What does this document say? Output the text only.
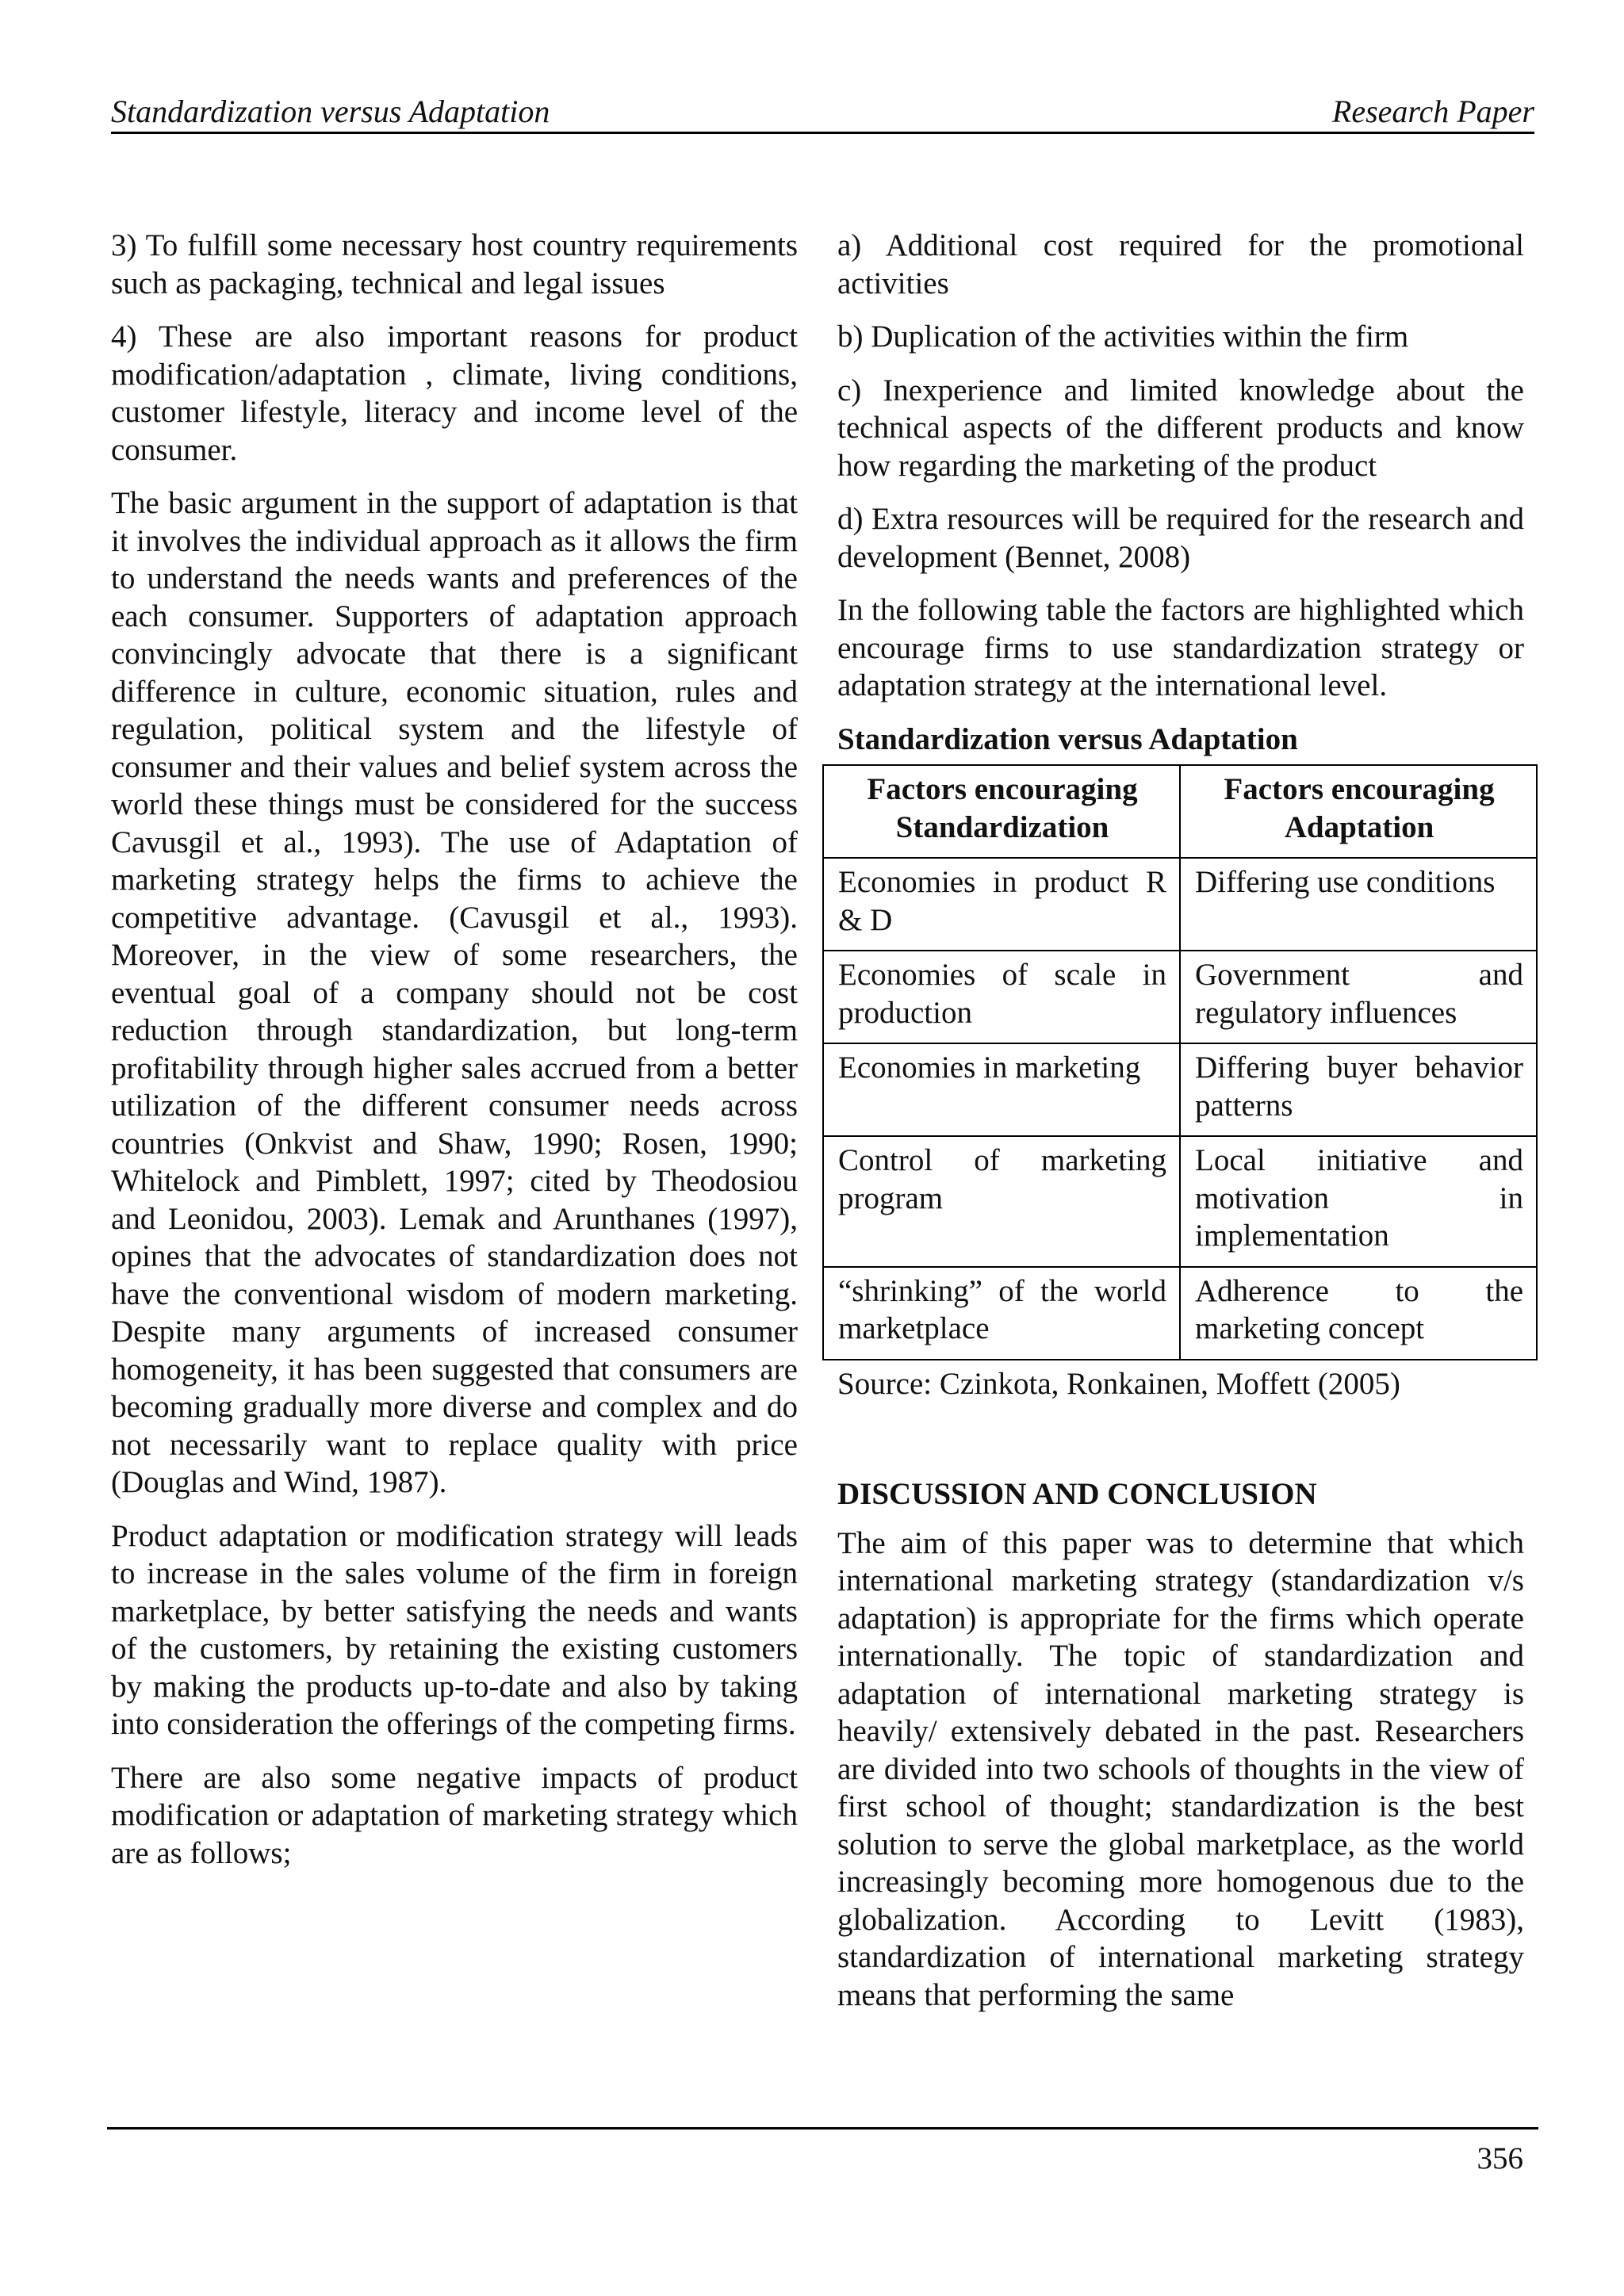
Standardization versus Adaptation	Research Paper

3) To fulfill some necessary host country requirements such as packaging, technical and legal issues

4) These are also important reasons for product modification/adaptation , climate, living conditions, customer lifestyle, literacy and income level of the consumer.

The basic argument in the support of adaptation is that it involves the individual approach as it allows the firm to understand the needs wants and preferences of the each consumer. Supporters of adaptation approach convincingly advocate that there is a significant difference in culture, economic situation, rules and regulation, political system and the lifestyle of consumer and their values and belief system across the world these things must be considered for the success Cavusgil et al., 1993). The use of Adaptation of marketing strategy helps the firms to achieve the competitive advantage. (Cavusgil et al., 1993). Moreover, in the view of some researchers, the eventual goal of a company should not be cost reduction through standardization, but long-term profitability through higher sales accrued from a better utilization of the different consumer needs across countries (Onkvist and Shaw, 1990; Rosen, 1990; Whitelock and Pimblett, 1997; cited by Theodosiou and Leonidou, 2003). Lemak and Arunthanes (1997), opines that the advocates of standardization does not have the conventional wisdom of modern marketing. Despite many arguments of increased consumer homogeneity, it has been suggested that consumers are becoming gradually more diverse and complex and do not necessarily want to replace quality with price (Douglas and Wind, 1987).

Product adaptation or modification strategy will leads to increase in the sales volume of the firm in foreign marketplace, by better satisfying the needs and wants of the customers, by retaining the existing customers by making the products up-to-date and also by taking into consideration the offerings of the competing firms.

There are also some negative impacts of product modification or adaptation of marketing strategy which are as follows;

a) Additional cost required for the promotional activities

b) Duplication of the activities within the firm

c) Inexperience and limited knowledge about the technical aspects of the different products and know how regarding the marketing of the product

d) Extra resources will be required for the research and development (Bennet, 2008)

In the following table the factors are highlighted which encourage firms to use standardization strategy or adaptation strategy at the international level.

Standardization versus Adaptation
Factors encouraging Standardization	Factors encouraging Adaptation
Economies in product R & D	Differing use conditions
Economies of scale in production	Government and regulatory influences
Economies in marketing	Differing buyer behavior patterns
Control of marketing program	Local initiative and motivation in implementation
“shrinking” of the world marketplace	Adherence to the marketing concept
Source: Czinkota, Ronkainen, Moffett (2005)
DISCUSSION AND CONCLUSION

The aim of this paper was to determine that which international marketing strategy (standardization v/s adaptation) is appropriate for the firms which operate internationally. The topic of standardization and adaptation of international marketing strategy is heavily/ extensively debated in the past. Researchers are divided into two schools of thoughts in the view of first school of thought; standardization is the best solution to serve the global marketplace, as the world increasingly becoming more homogenous due to the globalization. According to Levitt (1983), standardization of international marketing strategy means that performing the same

356
